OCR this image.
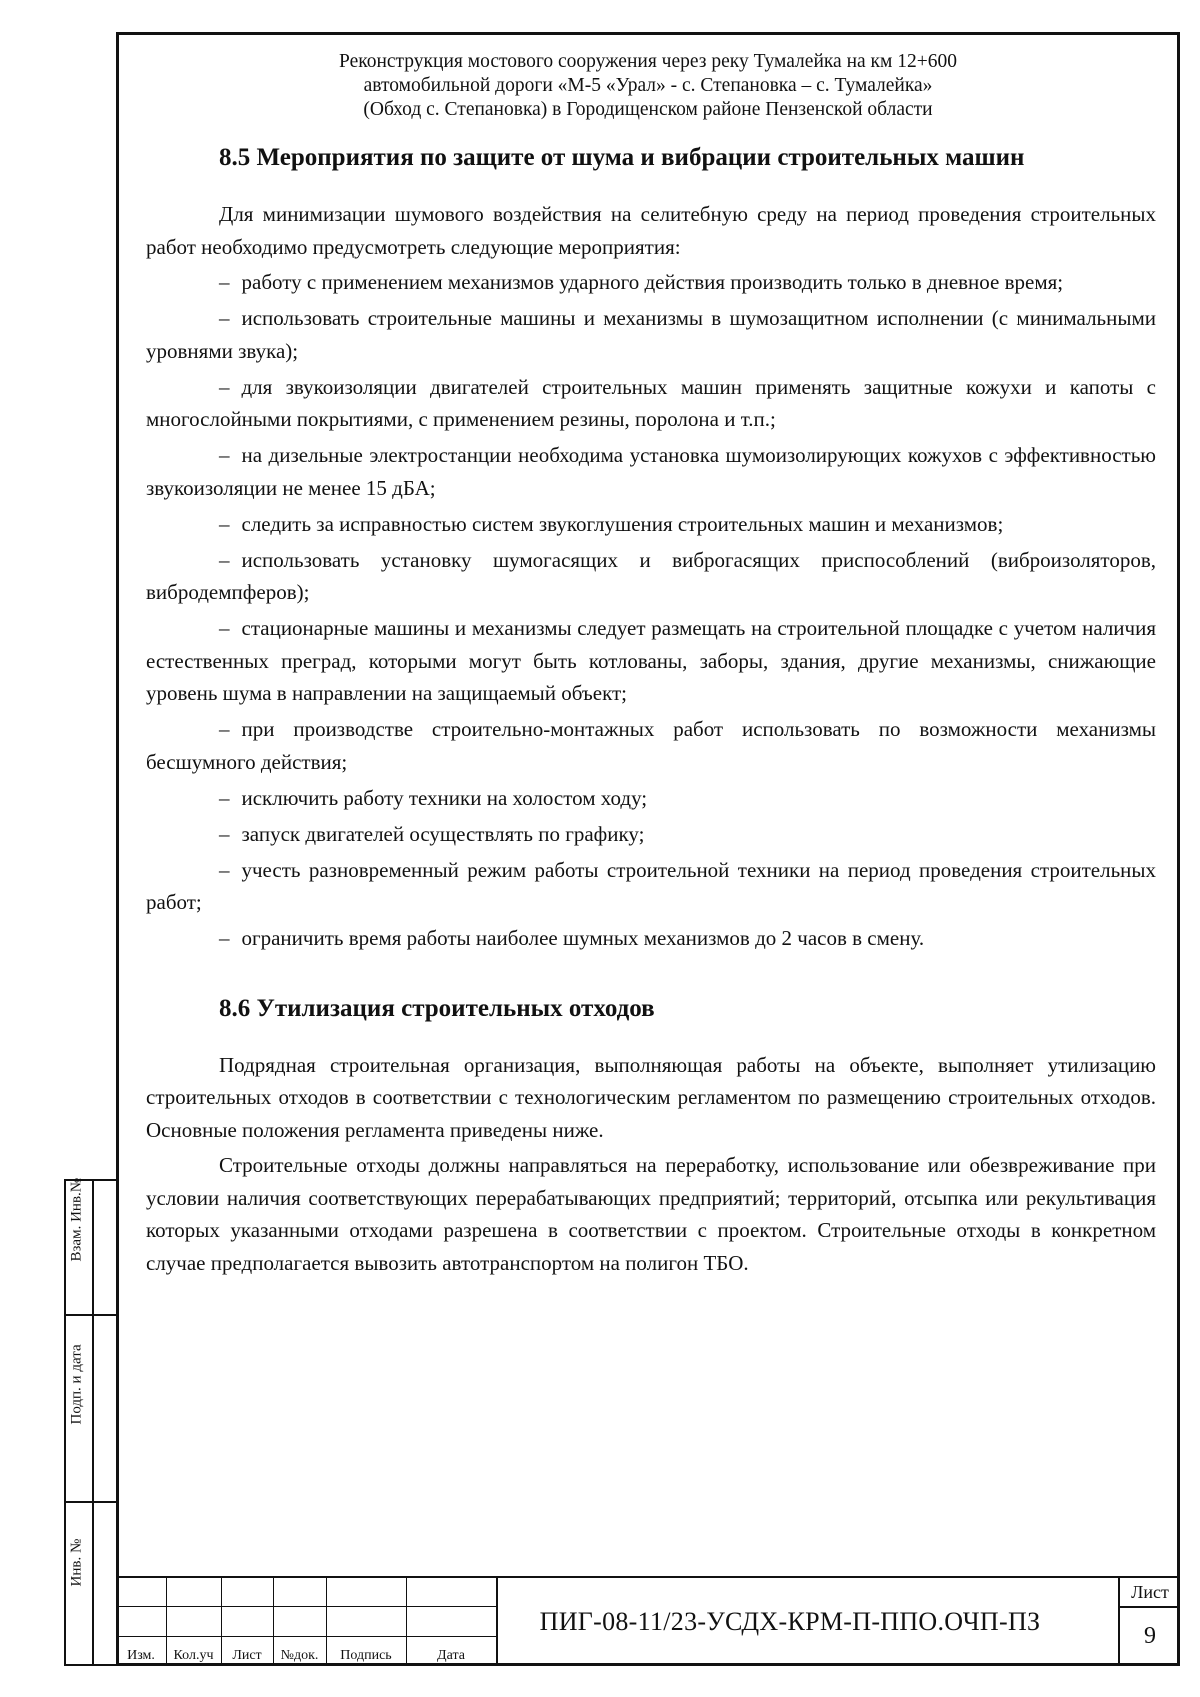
Реконструкция мостового сооружения через реку Тумалейка на км 12+600
автомобильной дороги «М-5 «Урал» - с. Степановка – с. Тумалейка»
(Обход с. Степановка) в Городищенском районе Пензенской области
8.5 Мероприятия по защите от шума и вибрации строительных машин

Для минимизации шумового воздействия на селитебную среду на период проведения строительных работ необходимо предусмотреть следующие мероприятия:

– работу с применением механизмов ударного действия производить только в дневное время;
– использовать строительные машины и механизмы в шумозащитном исполнении (с минимальными уровнями звука);
– для звукоизоляции двигателей строительных машин применять защитные кожухи и капоты с многослойными покрытиями, с применением резины, поролона и т.п.;
– на дизельные электростанции необходима установка шумоизолирующих кожухов с эффективностью звукоизоляции не менее 15 дБА;
– следить за исправностью систем звукоглушения строительных машин и механизмов;
– использовать установку шумогасящих и виброгасящих приспособлений (виброизоляторов, вибродемпферов);
– стационарные машины и механизмы следует размещать на строительной площадке с учетом наличия естественных преград, которыми могут быть котлованы, заборы, здания, другие механизмы, снижающие уровень шума в направлении на защищаемый объект;
– при производстве строительно-монтажных работ использовать по возможности механизмы бесшумного действия;
– исключить работу техники на холостом ходу;
– запуск двигателей осуществлять по графику;
– учесть разновременный режим работы строительной техники на период проведения строительных работ;
– ограничить время работы наиболее шумных механизмов до 2 часов в смену.
8.6 Утилизация строительных отходов

Подрядная строительная организация, выполняющая работы на объекте, выполняет утилизацию строительных отходов в соответствии с технологическим регламентом по размещению строительных отходов. Основные положения регламента приведены ниже.

Строительные отходы должны направляться на переработку, использование или обезвреживание при условии наличия соответствующих перерабатывающих предприятий; территорий, отсыпка или рекультивация которых указанными отходами разрешена в соответствии с проектом. Строительные отходы в конкретном случае предполагается вывозить автотранспортом на полигон ТБО.

Взам. Инв.№
Подп. и дата
Инв. №
Изм.	Кол.уч	Лист	№док.	Подпись	Дата
ПИГ-08-11/23-УСДХ-КРМ-П-ППО.ОЧП-ПЗ
Лист
9
